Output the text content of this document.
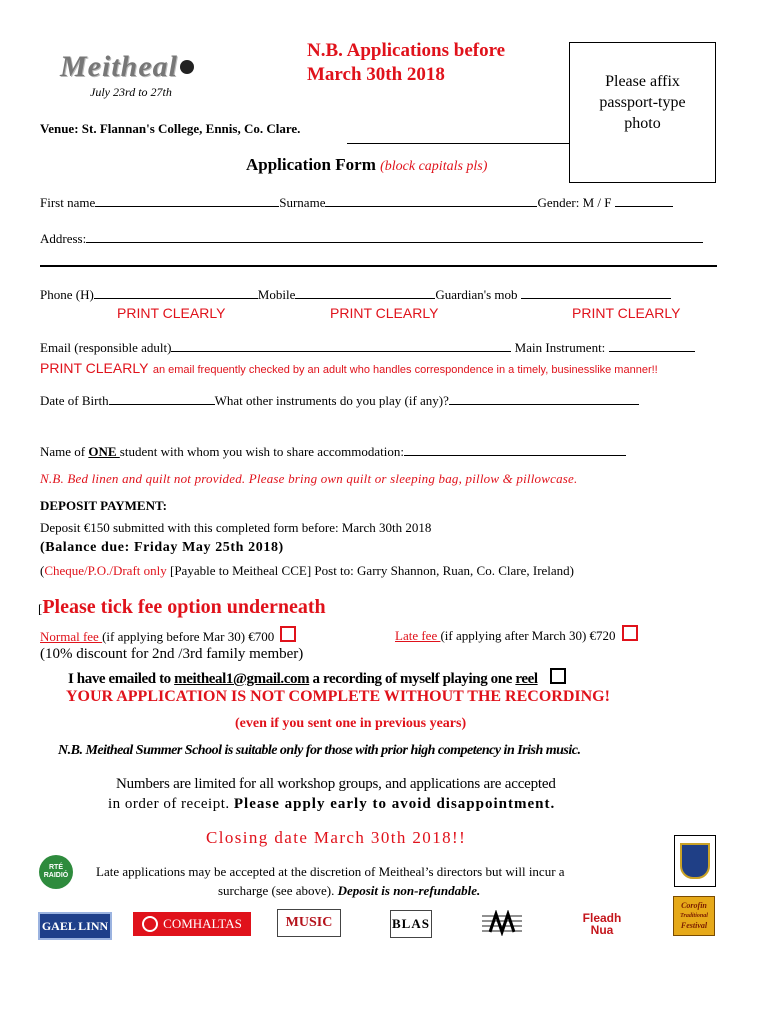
Meitheal
July 23rd to 27th
N.B. Applications before
March 30th 2018
Venue: St. Flannan's College, Ennis, Co. Clare.
Please affix
passport-type
photo
Application Form (block capitals pls)
First name	Surname	Gender: M / F
Address:
Phone (H)	Mobile	Guardian's mob
PRINT CLEARLY	PRINT CLEARLY	PRINT CLEARLY
Email (responsible adult)	Main Instrument:
PRINT CLEARLY an email frequently checked by an adult who handles correspondence in a timely, businesslike manner!!
Date of Birth	What other instruments do you play (if any)?
Name of ONE student with whom you wish to share accommodation:
N.B. Bed linen and quilt not provided. Please bring own quilt or sleeping bag, pillow & pillowcase.
DEPOSIT PAYMENT:
Deposit €150 submitted with this completed form before: March 30th 2018
(Balance due: Friday May 25th 2018)
(Cheque/P.O./Draft only [Payable to Meitheal CCE] Post to: Garry Shannon, Ruan, Co. Clare, Ireland)
[Please tick fee option underneath
Normal fee (if applying before Mar 30) €700	Late fee (if applying after March 30) €720
(10% discount for 2nd /3rd family member)
I have emailed to meitheal1@gmail.com a recording of myself playing one reel
YOUR APPLICATION IS NOT COMPLETE WITHOUT THE RECORDING!
(even if you sent one in previous years)
N.B. Meitheal Summer School is suitable only for those with prior high competency in Irish music.
Numbers are limited for all workshop groups, and applications are accepted
in order of receipt. Please apply early to avoid disappointment.
Closing date March 30th 2018!!
Late applications may be accepted at the discretion of Meitheal’s directors but will incur a
surcharge (see above). Deposit is non-refundable.
RTÉ
RAIDIÓ
GAEL LINN	COMHALTAS	MUSIC	BLAS	Fleadh
Nua
Corofin
Traditional
Festival
